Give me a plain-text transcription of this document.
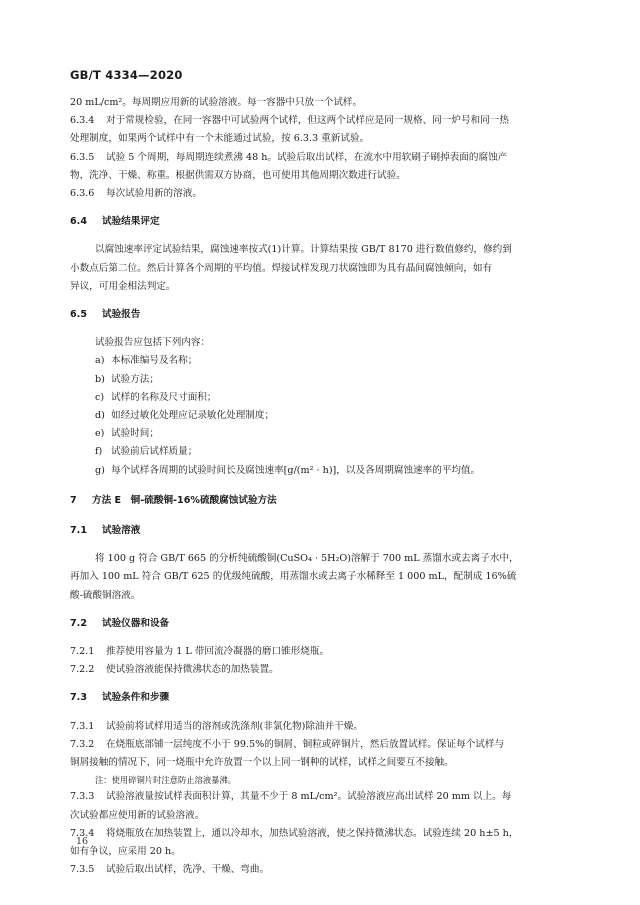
GB/T 4334—2020
20 mL/cm²。每周期应用新的试验溶液。每一容器中只放一个试样。
6.3.4 对于常规检验，在同一容器中可试验两个试样，但这两个试样应是同一规格、同一炉号和同一热
处理制度，如果两个试样中有一个未能通过试验，按 6.3.3 重新试验。
6.3.5 试验 5 个周期，每周期连续煮沸 48 h。试验后取出试样，在流水中用软刷子刷掉表面的腐蚀产
物，洗净、干燥、称重。根据供需双方协商，也可使用其他周期次数进行试验。
6.3.6 每次试验用新的溶液。
6.4 试验结果评定
以腐蚀速率评定试验结果，腐蚀速率按式(1)计算。计算结果按 GB/T 8170 进行数值修约，修约到
小数点后第二位。然后计算各个周期的平均值。焊接试样发现刀状腐蚀即为具有晶间腐蚀倾向，如有
异议，可用金相法判定。
6.5 试验报告
试验报告应包括下列内容：
a) 本标准编号及名称；
b) 试验方法；
c) 试样的名称及尺寸面积；
d) 如经过敏化处理应记录敏化处理制度；
e) 试验时间；
f) 试验前后试样质量；
g) 每个试样各周期的试验时间长及腐蚀速率[g/(m² · h)]，以及各周期腐蚀速率的平均值。
7 方法 E　铜-硫酸铜-16%硫酸腐蚀试验方法
7.1 试验溶液
将 100 g 符合 GB/T 665 的分析纯硫酸铜(CuSO₄ · 5H₂O)溶解于 700 mL 蒸馏水或去离子水中，
再加入 100 mL 符合 GB/T 625 的优级纯硫酸，用蒸馏水或去离子水稀释至 1 000 mL，配制成 16%硫
酸-硫酸铜溶液。
7.2 试验仪器和设备
7.2.1 推荐使用容量为 1 L 带回流冷凝器的磨口锥形烧瓶。
7.2.2 使试验溶液能保持微沸状态的加热装置。
7.3 试验条件和步骤
7.3.1 试验前将试样用适当的溶剂或洗涤剂(非氯化物)除油并干燥。
7.3.2 在烧瓶底部铺一层纯度不小于 99.5%的铜屑、铜粒或碎铜片，然后放置试样。保证每个试样与
铜屑接触的情况下，同一烧瓶中允许放置一个以上同一钢种的试样，试样之间要互不接触。
注：使用碎铜片时注意防止溶液暴沸。
7.3.3 试验溶液量按试样表面积计算，其量不少于 8 mL/cm²。试验溶液应高出试样 20 mm 以上。每
次试验都应使用新的试验溶液。
7.3.4 将烧瓶放在加热装置上，通以冷却水，加热试验溶液，使之保持微沸状态。试验连续 20 h±5 h，
如有争议，应采用 20 h。
7.3.5 试验后取出试样，洗净、干燥、弯曲。
16
